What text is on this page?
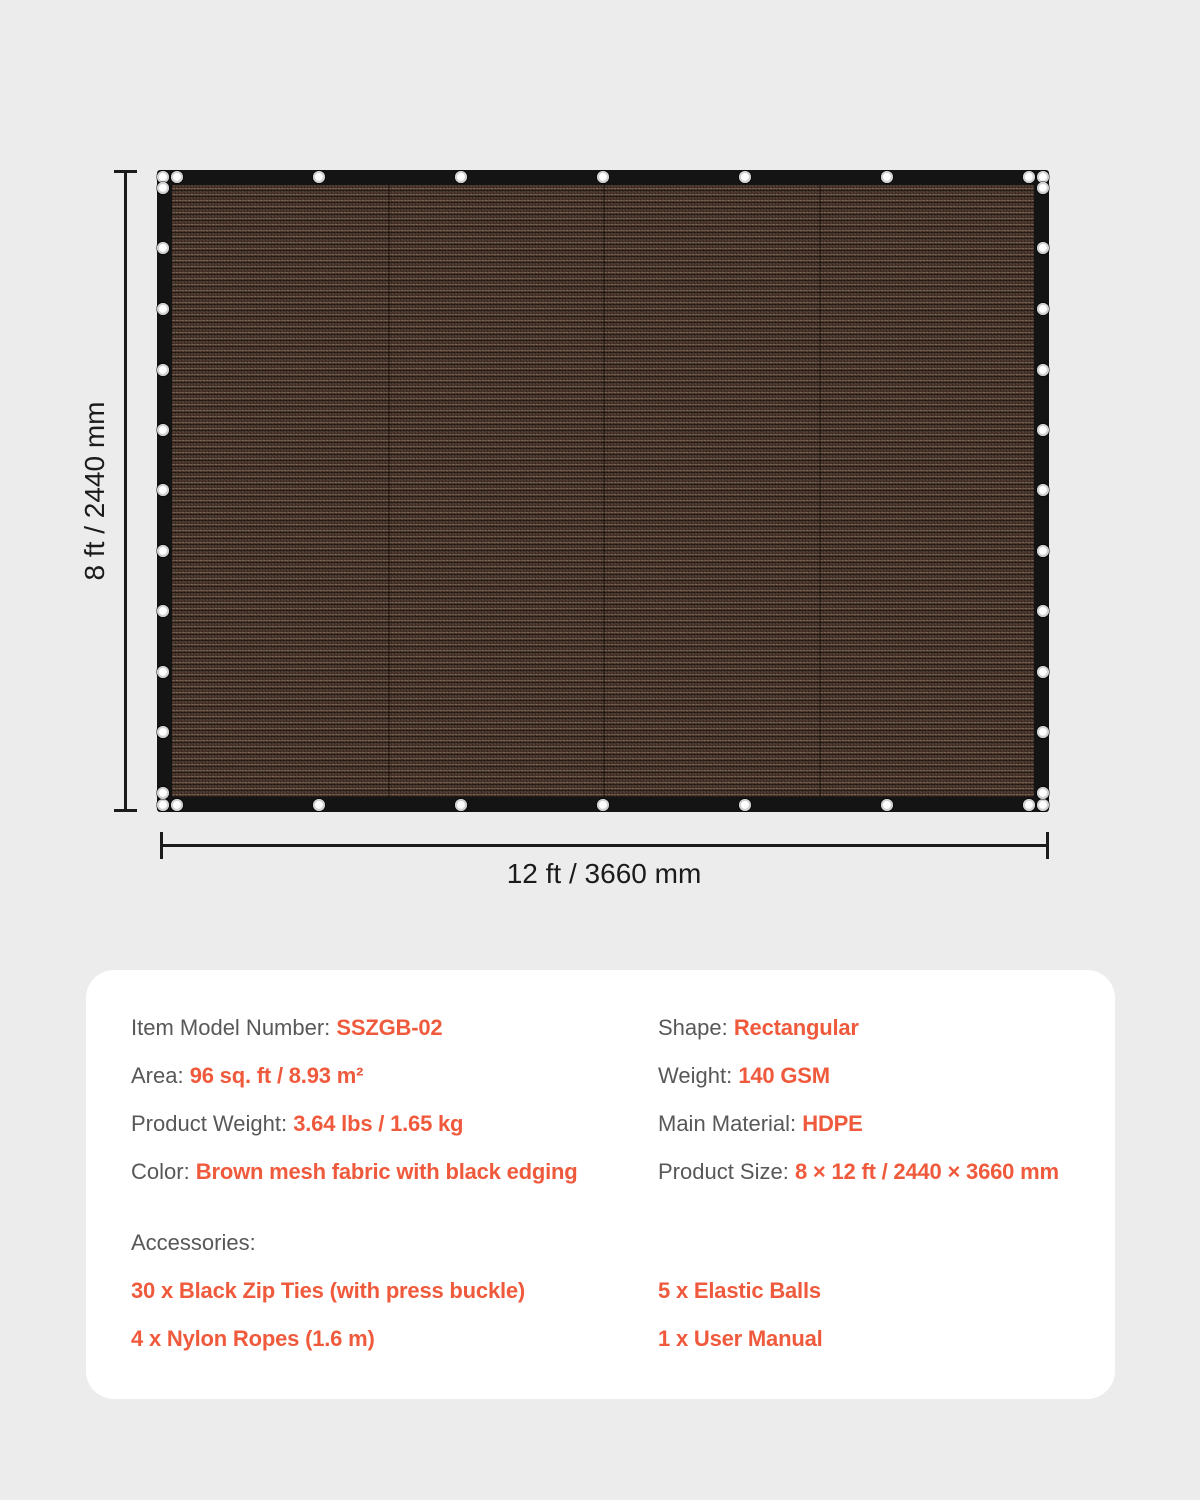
8 ft / 2440 mm
12 ft / 3660 mm
Item Model Number: SSZGB-02	Shape: Rectangular
Area: 96 sq. ft / 8.93 m²	Weight: 140 GSM
Product Weight: 3.64 lbs / 1.65 kg	Main Material: HDPE
Color: Brown mesh fabric with black edging	Product Size: 8 × 12 ft / 2440 × 3660 mm
Accessories:
30 x Black Zip Ties (with press buckle)	5 x Elastic Balls
4 x Nylon Ropes (1.6 m)	1 x User Manual
